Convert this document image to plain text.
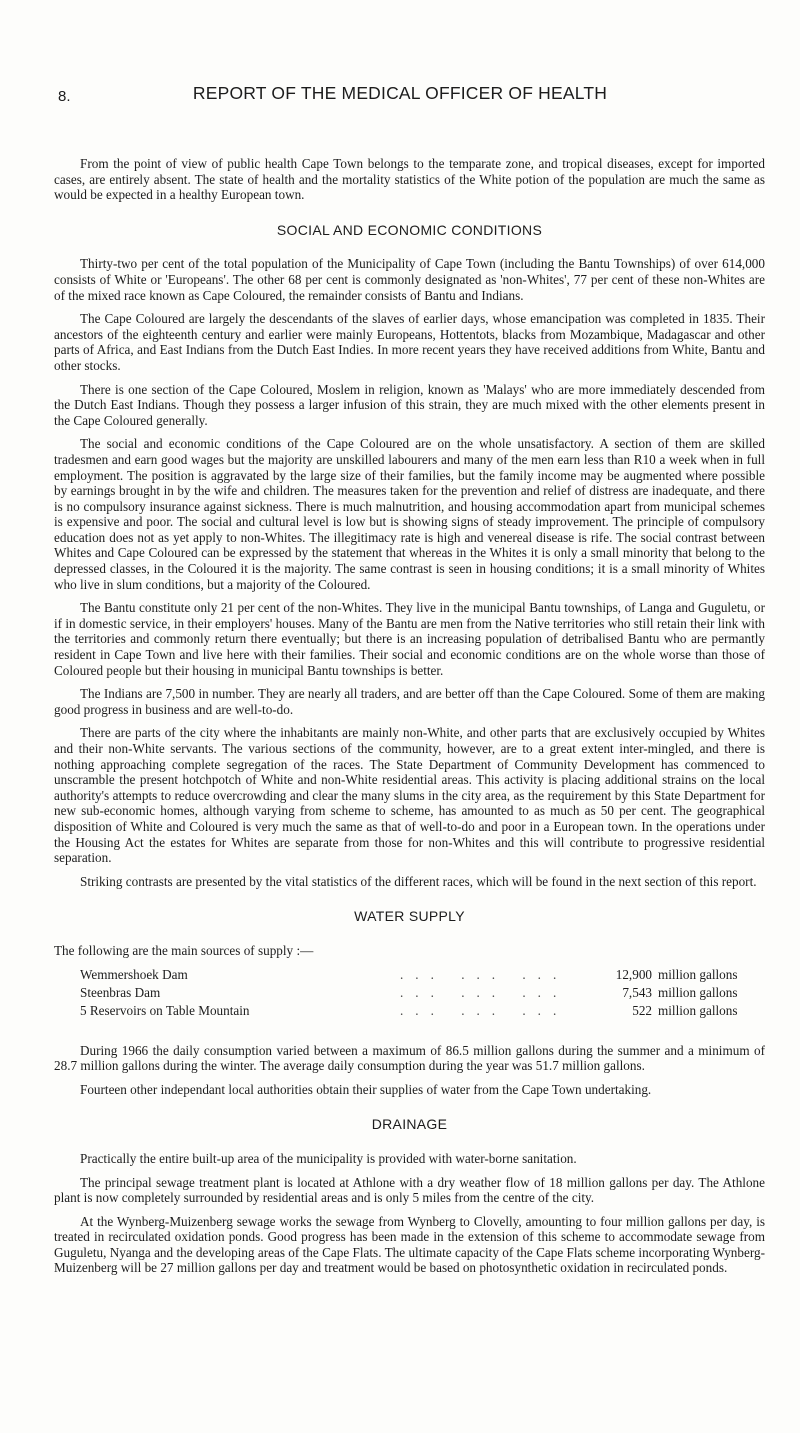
8.	REPORT OF THE MEDICAL OFFICER OF HEALTH

From the point of view of public health Cape Town belongs to the temparate zone, and tropical diseases, except for imported cases, are entirely absent. The state of health and the mortality statistics of the White potion of the population are much the same as would be expected in a healthy European town.

SOCIAL AND ECONOMIC CONDITIONS

Thirty-two per cent of the total population of the Municipality of Cape Town (including the Bantu Townships) of over 614,000 consists of White or 'Europeans'. The other 68 per cent is commonly designated as 'non-Whites', 77 per cent of these non-Whites are of the mixed race known as Cape Coloured, the remainder consists of Bantu and Indians.

The Cape Coloured are largely the descendants of the slaves of earlier days, whose emancipation was completed in 1835. Their ancestors of the eighteenth century and earlier were mainly Europeans, Hottentots, blacks from Mozambique, Madagascar and other parts of Africa, and East Indians from the Dutch East Indies. In more recent years they have received additions from White, Bantu and other stocks.

There is one section of the Cape Coloured, Moslem in religion, known as 'Malays' who are more immediately descended from the Dutch East Indians. Though they possess a larger infusion of this strain, they are much mixed with the other elements present in the Cape Coloured generally.

The social and economic conditions of the Cape Coloured are on the whole unsatisfactory. A section of them are skilled tradesmen and earn good wages but the majority are unskilled labourers and many of the men earn less than R10 a week when in full employment. The position is aggravated by the large size of their families, but the family income may be augmented where possible by earnings brought in by the wife and children. The measures taken for the prevention and relief of distress are inadequate, and there is no compulsory insurance against sickness. There is much malnutrition, and housing accommodation apart from municipal schemes is expensive and poor. The social and cultural level is low but is showing signs of steady improvement. The principle of compulsory education does not as yet apply to non-Whites. The illegitimacy rate is high and venereal disease is rife. The social contrast between Whites and Cape Coloured can be expressed by the statement that whereas in the Whites it is only a small minority that belong to the depressed classes, in the Coloured it is the majority. The same contrast is seen in housing conditions; it is a small minority of Whites who live in slum conditions, but a majority of the Coloured.

The Bantu constitute only 21 per cent of the non-Whites. They live in the municipal Bantu townships, of Langa and Guguletu, or if in domestic service, in their employers' houses. Many of the Bantu are men from the Native territories who still retain their link with the territories and commonly return there eventually; but there is an increasing population of detribalised Bantu who are permantly resident in Cape Town and live here with their families. Their social and economic conditions are on the whole worse than those of Coloured people but their housing in municipal Bantu townships is better.

The Indians are 7,500 in number. They are nearly all traders, and are better off than the Cape Coloured. Some of them are making good progress in business and are well-to-do.

There are parts of the city where the inhabitants are mainly non-White, and other parts that are exclusively occupied by Whites and their non-White servants. The various sections of the community, however, are to a great extent inter-mingled, and there is nothing approaching complete segregation of the races. The State Department of Community Development has commenced to unscramble the present hotchpotch of White and non-White residential areas. This activity is placing additional strains on the local authority's attempts to reduce overcrowding and clear the many slums in the city area, as the requirement by this State Department for new sub-economic homes, although varying from scheme to scheme, has amounted to as much as 50 per cent. The geographical disposition of White and Coloured is very much the same as that of well-to-do and poor in a European town. In the operations under the Housing Act the estates for Whites are separate from those for non-Whites and this will contribute to progressive residential separation.

Striking contrasts are presented by the vital statistics of the different races, which will be found in the next section of this report.

WATER SUPPLY

The following are the main sources of supply :—

Wemmershoek Dam	... ... ...	12,900 million gallons
Steenbras Dam	... ... ...	7,543 million gallons
5 Reservoirs on Table Mountain	... ... ...	522 million gallons

During 1966 the daily consumption varied between a maximum of 86.5 million gallons during the summer and a minimum of 28.7 million gallons during the winter. The average daily consumption during the year was 51.7 million gallons.

Fourteen other independant local authorities obtain their supplies of water from the Cape Town undertaking.

DRAINAGE

Practically the entire built-up area of the municipality is provided with water-borne sanitation.

The principal sewage treatment plant is located at Athlone with a dry weather flow of 18 million gallons per day. The Athlone plant is now completely surrounded by residential areas and is only 5 miles from the centre of the city.

At the Wynberg-Muizenberg sewage works the sewage from Wynberg to Clovelly, amounting to four million gallons per day, is treated in recirculated oxidation ponds. Good progress has been made in the extension of this scheme to accommodate sewage from Guguletu, Nyanga and the developing areas of the Cape Flats. The ultimate capacity of the Cape Flats scheme incorporating Wynberg-Muizenberg will be 27 million gallons per day and treatment would be based on photosynthetic oxidation in recirculated ponds.
